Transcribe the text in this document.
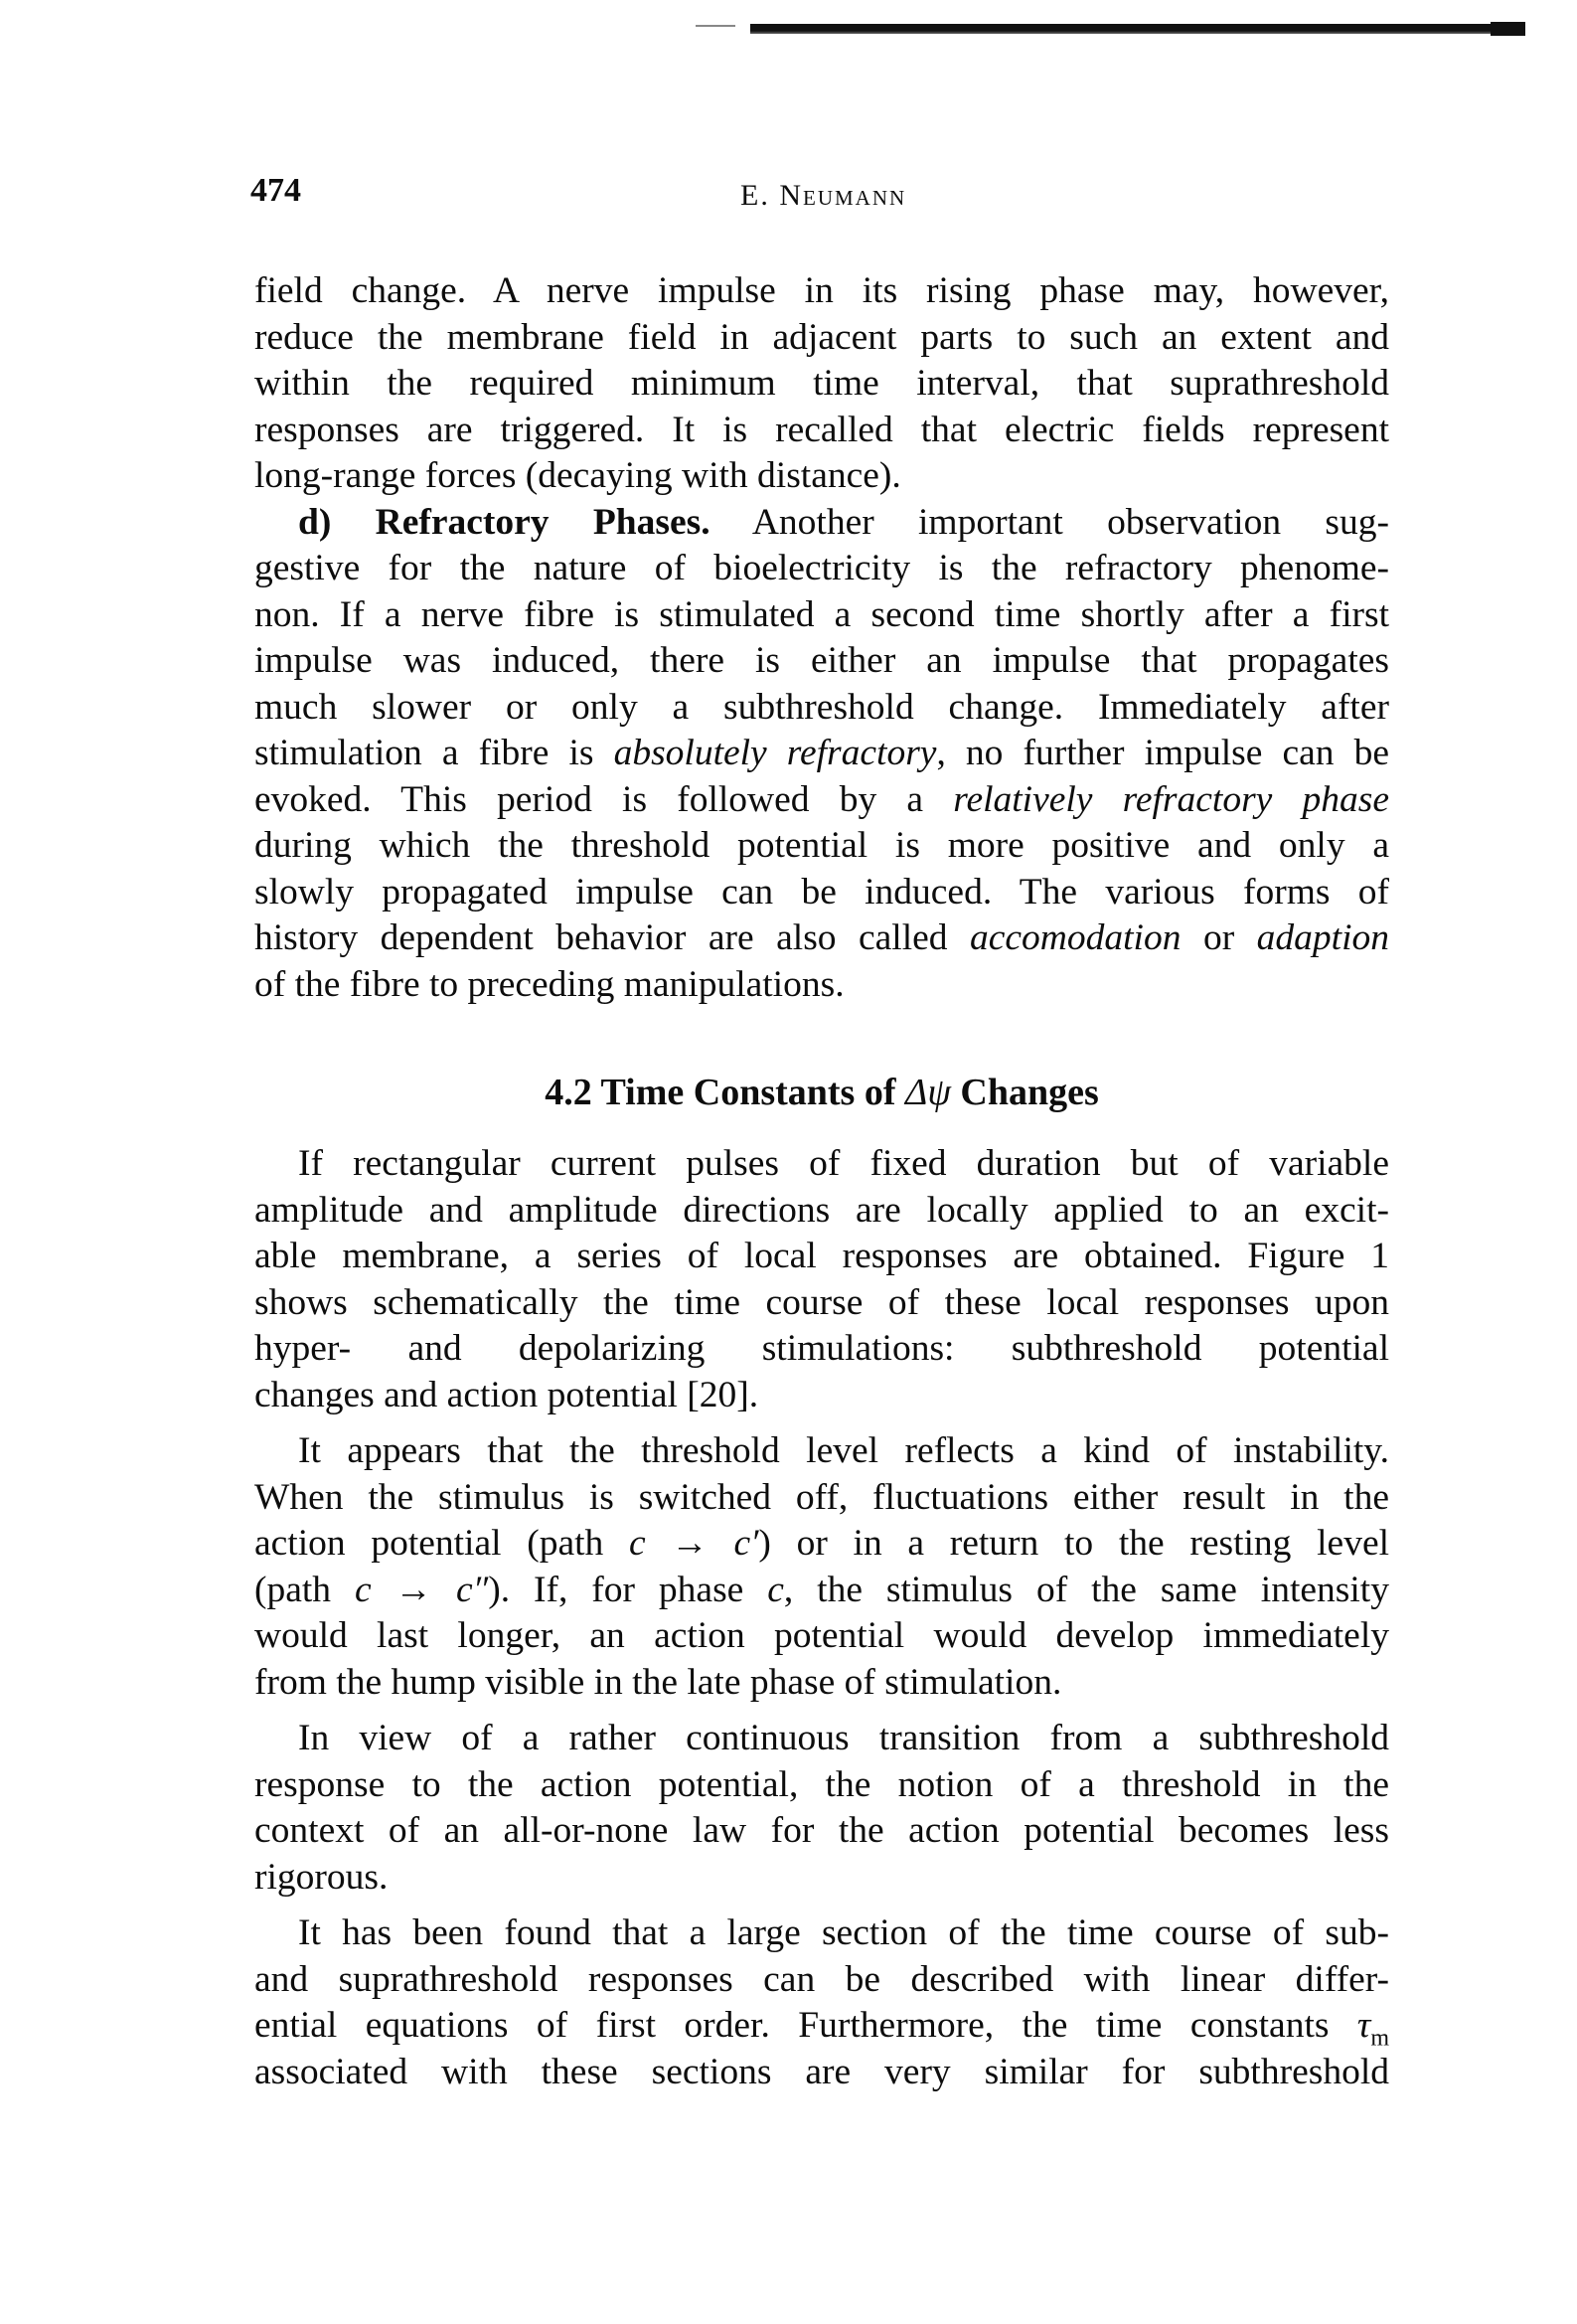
474	E. Neumann
field change. A nerve impulse in its rising phase may, however,
reduce the membrane field in adjacent parts to such an extent and
within the required minimum time interval, that suprathreshold
responses are triggered. It is recalled that electric fields represent
long-range forces (decaying with distance).
d) Refractory Phases. Another important observation sug-
gestive for the nature of bioelectricity is the refractory phenome-
non. If a nerve fibre is stimulated a second time shortly after a first
impulse was induced, there is either an impulse that propagates
much slower or only a subthreshold change. Immediately after
stimulation a fibre is absolutely refractory, no further impulse can be
evoked. This period is followed by a relatively refractory phase
during which the threshold potential is more positive and only a
slowly propagated impulse can be induced. The various forms of
history dependent behavior are also called accomodation or adaption
of the fibre to preceding manipulations.
4.2 Time Constants of Δψ Changes
If rectangular current pulses of fixed duration but of variable
amplitude and amplitude directions are locally applied to an excit-
able membrane, a series of local responses are obtained. Figure 1
shows schematically the time course of these local responses upon
hyper- and depolarizing stimulations: subthreshold potential
changes and action potential [20].
It appears that the threshold level reflects a kind of instability.
When the stimulus is switched off, fluctuations either result in the
action potential (path c → c′) or in a return to the resting level
(path c → c″). If, for phase c, the stimulus of the same intensity
would last longer, an action potential would develop immediately
from the hump visible in the late phase of stimulation.
In view of a rather continuous transition from a subthreshold
response to the action potential, the notion of a threshold in the
context of an all-or-none law for the action potential becomes less
rigorous.
It has been found that a large section of the time course of sub-
and suprathreshold responses can be described with linear differ-
ential equations of first order. Furthermore, the time constants $\tau_m$
associated with these sections are very similar for subthreshold
